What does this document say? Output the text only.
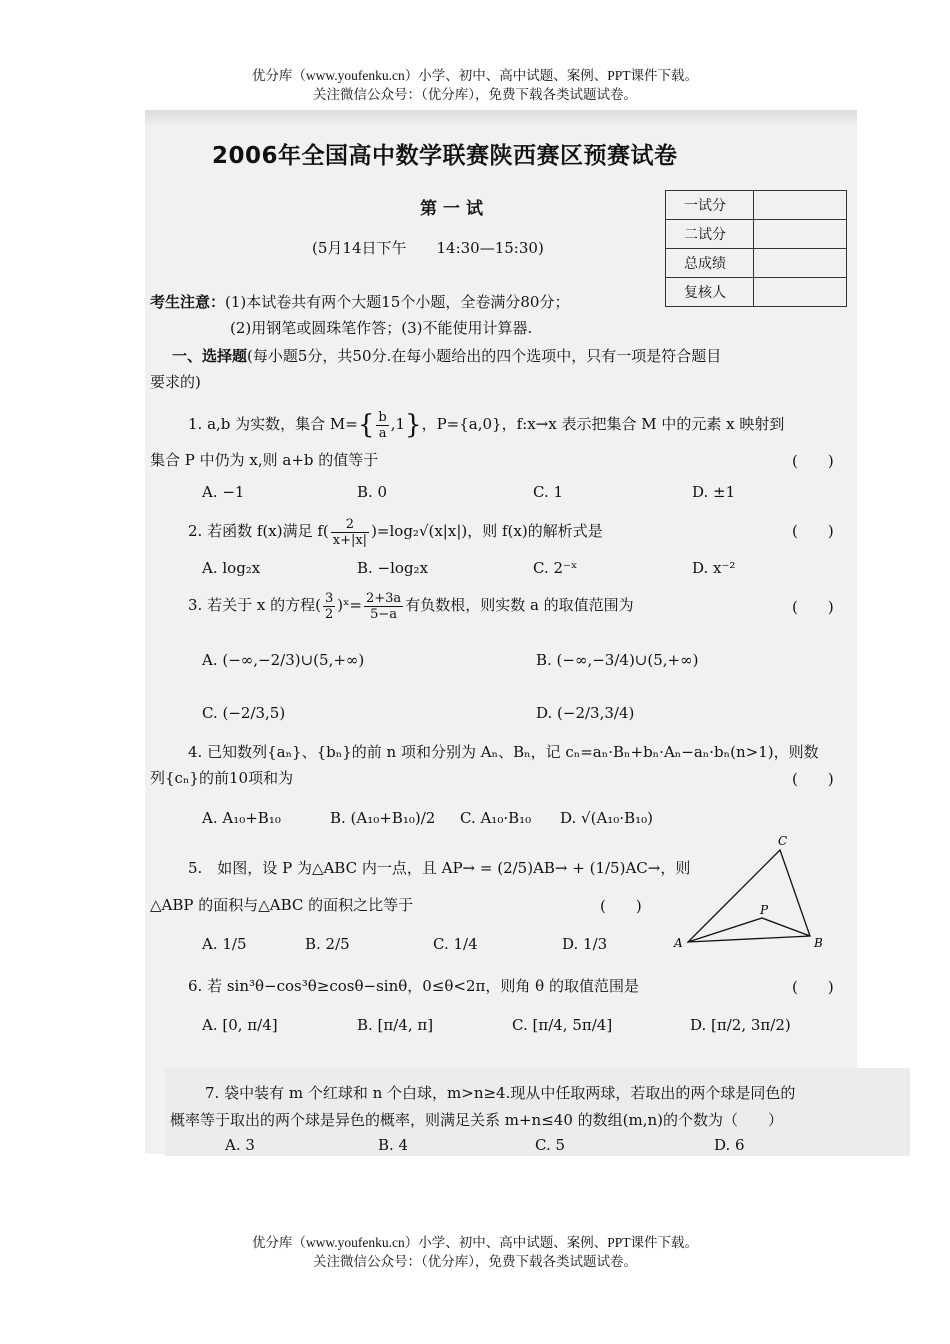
优分库（www.youfenku.cn）小学、初中、高中试题、案例、PPT课件下载。
关注微信公众号：（优分库），免费下载各类试题试卷。
2006年全国高中数学联赛陕西赛区预赛试卷
第一试
(5月14日下午　　14:30—15:30)
一试分	
二试分	
总成绩	
复核人	
考生注意：(1)本试卷共有两个大题15个小题，全卷满分80分；
(2)用钢笔或圆珠笔作答；(3)不能使用计算器.
一、选择题(每小题5分，共50分.在每小题给出的四个选项中，只有一项是符合题目
要求的)
1. a,b 为实数，集合 $M=\{ \frac{b}{a} ,1\}$，P={a,0}，f:x→x 表示把集合 M 中的元素 x 映射到
集合 P 中仍为 x,则 a+b 的值等于	(　　)
A. −1	B. 0	C. 1	D. ±1
2. 若函数 f(x)满足 $f( \frac{2}{x+|x|} )=\log_2√(x|x|)$，则 f(x)的解析式是	(　　)
A. log₂x	B. −log₂x	C. 2⁻ˣ	D. x⁻²
3. 若关于 x 的方程( $\frac{3}{2}$ )ˣ= $\frac{2+3a}{5-a}$ 有负数根，则实数 a 的取值范围为	(　　)
A. (−∞,−2/3)∪(5,+∞)	B. (−∞,−3/4)∪(5,+∞)
C. (−2/3,5)	D. (−2/3,3/4)
4. 已知数列{aₙ}、{bₙ}的前 n 项和分别为 Aₙ、Bₙ，记 cₙ=aₙ·Bₙ+bₙ·Aₙ−aₙ·bₙ(n>1)，则数
列{cₙ}的前10项和为	(　　)
A. A₁₀+B₁₀	B. (A₁₀+B₁₀)/2 C. A₁₀·B₁₀ D. √(A₁₀·B₁₀)
5.　如图，设 P 为△ABC 内一点，且 AP→ = (2/5)AB→ + (1/5)AC→，则
△ABP 的面积与△ABC 的面积之比等于	(　　)
A. 1/5	B. 2/5	C. 1/4	D. 1/3	A	B
C
P
6. 若 sin³θ−cos³θ≥cosθ−sinθ，0≤θ<2π，则角 θ 的取值范围是	(　　)
A. [0, π/4]	B. [π/4, π]	C. [π/4, 5π/4]	D. [π/2, 3π/2)
7. 袋中装有 m 个红球和 n 个白球，m>n≥4.现从中任取两球，若取出的两个球是同色的
概率等于取出的两个球是异色的概率，则满足关系 m+n≤40 的数组(m,n)的个数为（　　）
A. 3	B. 4	C. 5	D. 6
优分库（www.youfenku.cn）小学、初中、高中试题、案例、PPT课件下载。
关注微信公众号：（优分库），免费下载各类试题试卷。
